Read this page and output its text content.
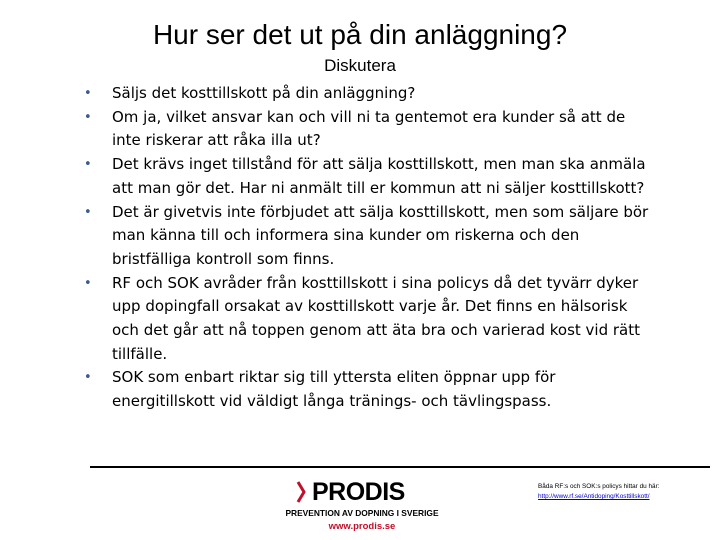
Hur ser det ut på din anläggning?
Diskutera
• Säljs det kosttillskott på din anläggning?
• Om ja, vilket ansvar kan och vill ni ta gentemot era kunder så att de inte riskerar att råka illa ut?
• Det krävs inget tillstånd för att sälja kosttillskott, men man ska anmäla att man gör det. Har ni anmält till er kommun att ni säljer kosttillskott?
• Det är givetvis inte förbjudet att sälja kosttillskott, men som säljare bör man känna till och informera sina kunder om riskerna och den bristfälliga kontroll som finns.
• RF och SOK avråder från kosttillskott i sina policys då det tyvärr dyker upp dopingfall orsakat av kosttillskott varje år. Det finns en hälsorisk och det går att nå toppen genom att äta bra och varierad kost vid rätt tillfälle.
• SOK som enbart riktar sig till yttersta eliten öppnar upp för energitillskott vid väldigt långa tränings- och tävlingspass.
PRODIS
PREVENTION AV DOPNING I SVERIGE
www.prodis.se
Båda RF:s och SOK:s policys hittar du här:
http://www.rf.se/Antidoping/Kosttillskott/
